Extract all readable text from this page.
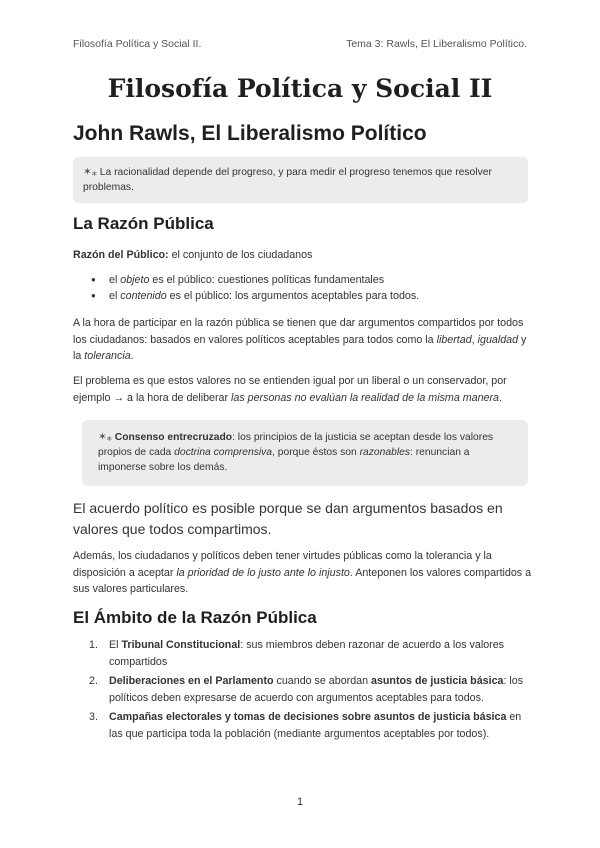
Filosofía Política y Social II.	Tema 3: Rawls, El Liberalismo Político.
Filosofía Política y Social II
John Rawls, El Liberalismo Político
✶⁎ La racionalidad depende del progreso, y para medir el progreso tenemos que resolver problemas.
La Razón Pública
Razón del Público: el conjunto de los ciudadanos
● el objeto es el público: cuestiones políticas fundamentales
● el contenido es el público: los argumentos aceptables para todos.
A la hora de participar en la razón pública se tienen que dar argumentos compartidos por todos los ciudadanos: basados en valores políticos aceptables para todos como la libertad, igualdad y la tolerancia.
El problema es que estos valores no se entienden igual por un liberal o un conservador, por ejemplo → a la hora de deliberar las personas no evalúan la realidad de la misma manera.
✶⁎ Consenso entrecruzado: los principios de la justicia se aceptan desde los valores propios de cada doctrina comprensiva, porque éstos son razonables: renuncian a imponerse sobre los demás.
El acuerdo político es posible porque se dan argumentos basados en valores que todos compartimos.
Además, los ciudadanos y políticos deben tener virtudes públicas como la tolerancia y la disposición a aceptar la prioridad de lo justo ante lo injusto. Anteponen los valores compartidos a sus valores particulares.
El Ámbito de la Razón Pública
1. El Tribunal Constitucional: sus miembros deben razonar de acuerdo a los valores compartidos
2. Deliberaciones en el Parlamento cuando se abordan asuntos de justicia básica: los políticos deben expresarse de acuerdo con argumentos aceptables para todos.
3. Campañas electorales y tomas de decisiones sobre asuntos de justicia básica en las que participa toda la población (mediante argumentos aceptables por todos).
1
